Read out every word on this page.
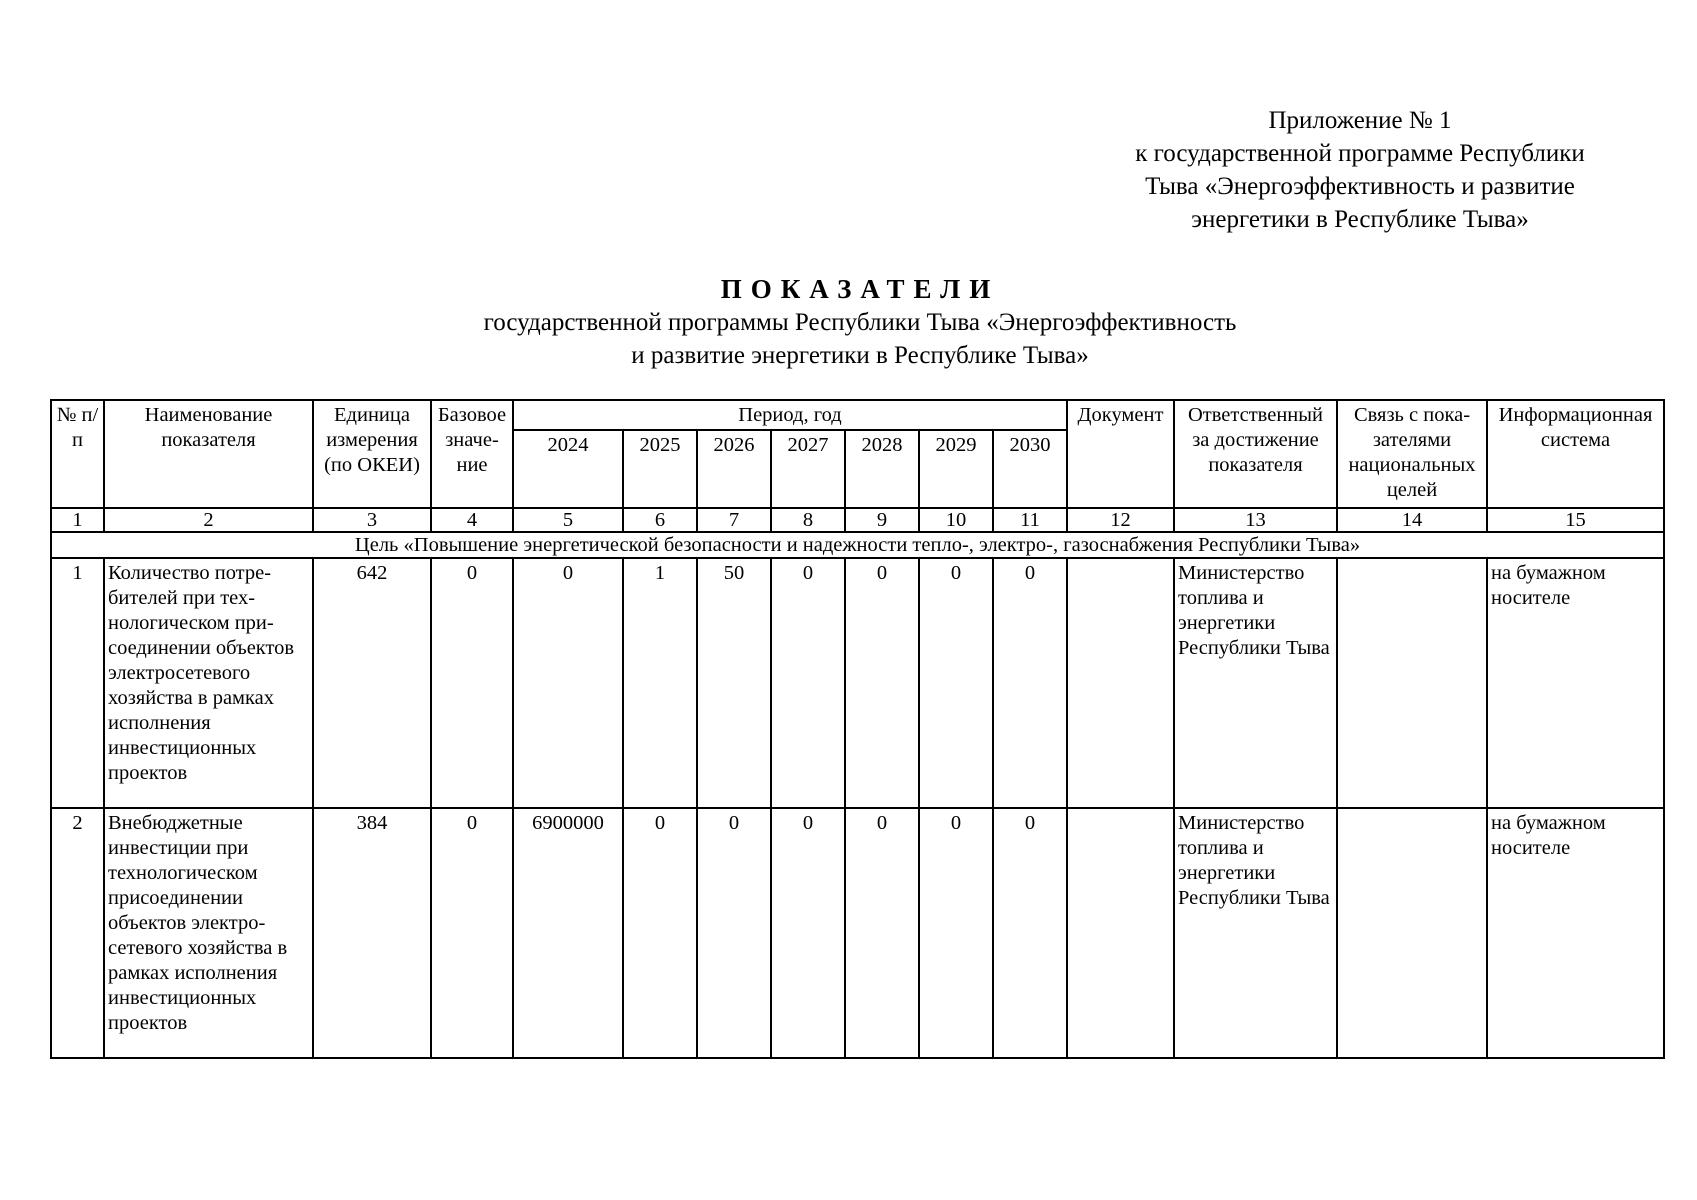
Приложение № 1
к государственной программе Республики
Тыва «Энергоэффективность и развитие
энергетики в Республике Тыва»
ПОКАЗАТЕЛИ
государственной программы Республики Тыва «Энергоэффективность
и развитие энергетики в Республике Тыва»
№ п/п	Наименование показателя	Единица измерения (по ОКЕИ)	Базовое значение	Период, год							Документ	Ответственный за достижение показателя	Связь с показателями национальных целей	Информационная система
				2024	2025	2026	2027	2028	2029	2030				
1	2	3	4	5	6	7	8	9	10	11	12	13	14	15
Цель «Повышение энергетической безопасности и надежности тепло-, электро-, газоснабжения Республики Тыва»														
1	Количество потребителей при технологическом присоединении объектов электросетевого хозяйства в рамках исполнения инвестиционных проектов	642	0	0	1	50	0	0	0	0		Министерство топлива и энергетики Республики Тыва		на бумажном носителе
2	Внебюджетные инвестиции при технологическом присоединении объектов электросетевого хозяйства в рамках исполнения инвестиционных проектов	384	0	6900000	0	0	0	0	0	0		Министерство топлива и энергетики Республики Тыва		на бумажном носителе
